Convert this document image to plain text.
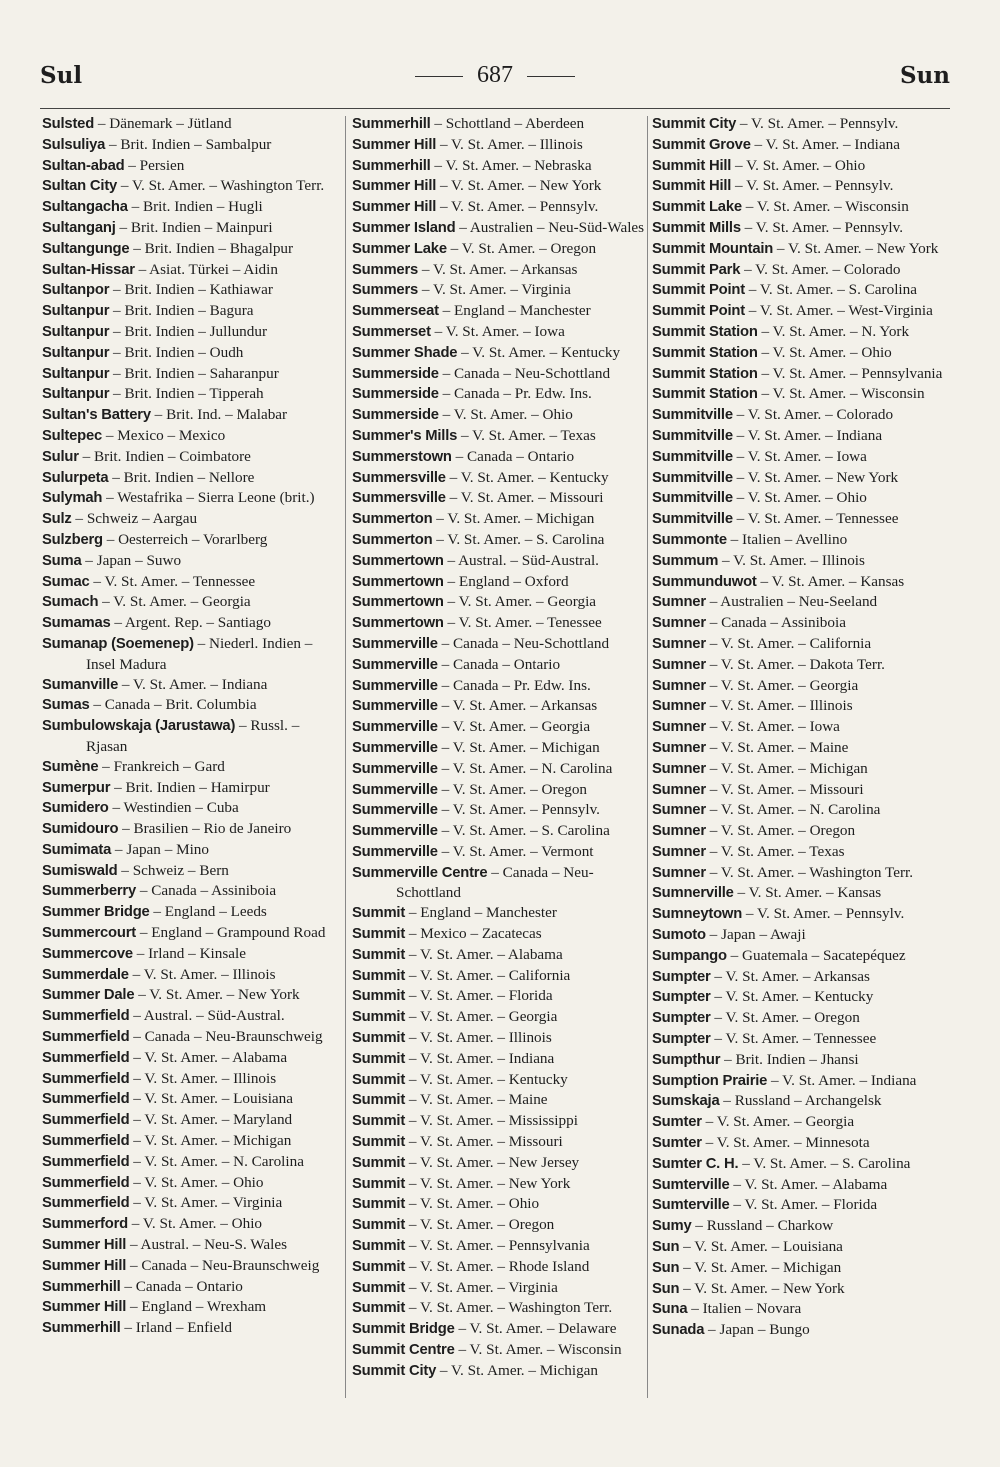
Sul	687	Sun
Sulsted – Dänemark – Jütland
Sulsuliya – Brit. Indien – Sambalpur
Sultan-abad – Persien
Sultan City – V. St. Amer. – Washington Terr.
Sultangacha – Brit. Indien – Hugli
Sultanganj – Brit. Indien – Mainpuri
Sultangunge – Brit. Indien – Bhagalpur
Sultan-Hissar – Asiat. Türkei – Aidin
Sultanpor – Brit. Indien – Kathiawar
Sultanpur – Brit. Indien – Bagura
Sultanpur – Brit. Indien – Jullundur
Sultanpur – Brit. Indien – Oudh
Sultanpur – Brit. Indien – Saharanpur
Sultanpur – Brit. Indien – Tipperah
Sultan's Battery – Brit. Ind. – Malabar
Sultepec – Mexico – Mexico
Sulur – Brit. Indien – Coimbatore
Sulurpeta – Brit. Indien – Nellore
Sulymah – Westafrika – Sierra Leone (brit.)
Sulz – Schweiz – Aargau
Sulzberg – Oesterreich – Vorarlberg
Suma – Japan – Suwo
Sumac – V. St. Amer. – Tennessee
Sumach – V. St. Amer. – Georgia
Sumamas – Argent. Rep. – Santiago
Sumanap (Soemenep) – Niederl. Indien – Insel Madura
Sumanville – V. St. Amer. – Indiana
Sumas – Canada – Brit. Columbia
Sumbulowskaja (Jarustawa) – Russl. – Rjasan
Sumène – Frankreich – Gard
Sumerpur – Brit. Indien – Hamirpur
Sumidero – Westindien – Cuba
Sumidouro – Brasilien – Rio de Janeiro
Sumimata – Japan – Mino
Sumiswald – Schweiz – Bern
Summerberry – Canada – Assiniboia
Summer Bridge – England – Leeds
Summercourt – England – Grampound Road
Summercove – Irland – Kinsale
Summerdale – V. St. Amer. – Illinois
Summer Dale – V. St. Amer. – New York
Summerfield – Austral. – Süd-Austral.
Summerfield – Canada – Neu-Braunschweig
Summerfield – V. St. Amer. – Alabama
Summerfield – V. St. Amer. – Illinois
Summerfield – V. St. Amer. – Louisiana
Summerfield – V. St. Amer. – Maryland
Summerfield – V. St. Amer. – Michigan
Summerfield – V. St. Amer. – N. Carolina
Summerfield – V. St. Amer. – Ohio
Summerfield – V. St. Amer. – Virginia
Summerford – V. St. Amer. – Ohio
Summer Hill – Austral. – Neu-S. Wales
Summer Hill – Canada – Neu-Braunschweig
Summerhill – Canada – Ontario
Summer Hill – England – Wrexham
Summerhill – Irland – Enfield
Summerhill – Schottland – Aberdeen
Summer Hill – V. St. Amer. – Illinois
Summerhill – V. St. Amer. – Nebraska
Summer Hill – V. St. Amer. – New York
Summer Hill – V. St. Amer. – Pennsylv.
Summer Island – Australien – Neu-Süd-Wales
Summer Lake – V. St. Amer. – Oregon
Summers – V. St. Amer. – Arkansas
Summers – V. St. Amer. – Virginia
Summerseat – England – Manchester
Summerset – V. St. Amer. – Iowa
Summer Shade – V. St. Amer. – Kentucky
Summerside – Canada – Neu-Schottland
Summerside – Canada – Pr. Edw. Ins.
Summerside – V. St. Amer. – Ohio
Summer's Mills – V. St. Amer. – Texas
Summerstown – Canada – Ontario
Summersville – V. St. Amer. – Kentucky
Summersville – V. St. Amer. – Missouri
Summerton – V. St. Amer. – Michigan
Summerton – V. St. Amer. – S. Carolina
Summertown – Austral. – Süd-Austral.
Summertown – England – Oxford
Summertown – V. St. Amer. – Georgia
Summertown – V. St. Amer. – Tenessee
Summerville – Canada – Neu-Schottland
Summerville – Canada – Ontario
Summerville – Canada – Pr. Edw. Ins.
Summerville – V. St. Amer. – Arkansas
Summerville – V. St. Amer. – Georgia
Summerville – V. St. Amer. – Michigan
Summerville – V. St. Amer. – N. Carolina
Summerville – V. St. Amer. – Oregon
Summerville – V. St. Amer. – Pennsylv.
Summerville – V. St. Amer. – S. Carolina
Summerville – V. St. Amer. – Vermont
Summerville Centre – Canada – Neu-Schottland
Summit – England – Manchester
Summit – Mexico – Zacatecas
Summit – V. St. Amer. – Alabama
Summit – V. St. Amer. – California
Summit – V. St. Amer. – Florida
Summit – V. St. Amer. – Georgia
Summit – V. St. Amer. – Illinois
Summit – V. St. Amer. – Indiana
Summit – V. St. Amer. – Kentucky
Summit – V. St. Amer. – Maine
Summit – V. St. Amer. – Mississippi
Summit – V. St. Amer. – Missouri
Summit – V. St. Amer. – New Jersey
Summit – V. St. Amer. – New York
Summit – V. St. Amer. – Ohio
Summit – V. St. Amer. – Oregon
Summit – V. St. Amer. – Pennsylvania
Summit – V. St. Amer. – Rhode Island
Summit – V. St. Amer. – Virginia
Summit – V. St. Amer. – Washington Terr.
Summit Bridge – V. St. Amer. – Delaware
Summit Centre – V. St. Amer. – Wisconsin
Summit City – V. St. Amer. – Michigan
Summit City – V. St. Amer. – Pennsylv.
Summit Grove – V. St. Amer. – Indiana
Summit Hill – V. St. Amer. – Ohio
Summit Hill – V. St. Amer. – Pennsylv.
Summit Lake – V. St. Amer. – Wisconsin
Summit Mills – V. St. Amer. – Pennsylv.
Summit Mountain – V. St. Amer. – New York
Summit Park – V. St. Amer. – Colorado
Summit Point – V. St. Amer. – S. Carolina
Summit Point – V. St. Amer. – West-Virginia
Summit Station – V. St. Amer. – N. York
Summit Station – V. St. Amer. – Ohio
Summit Station – V. St. Amer. – Pennsylvania
Summit Station – V. St. Amer. – Wisconsin
Summitville – V. St. Amer. – Colorado
Summitville – V. St. Amer. – Indiana
Summitville – V. St. Amer. – Iowa
Summitville – V. St. Amer. – New York
Summitville – V. St. Amer. – Ohio
Summitville – V. St. Amer. – Tennessee
Summonte – Italien – Avellino
Summum – V. St. Amer. – Illinois
Summunduwot – V. St. Amer. – Kansas
Sumner – Australien – Neu-Seeland
Sumner – Canada – Assiniboia
Sumner – V. St. Amer. – California
Sumner – V. St. Amer. – Dakota Terr.
Sumner – V. St. Amer. – Georgia
Sumner – V. St. Amer. – Illinois
Sumner – V. St. Amer. – Iowa
Sumner – V. St. Amer. – Maine
Sumner – V. St. Amer. – Michigan
Sumner – V. St. Amer. – Missouri
Sumner – V. St. Amer. – N. Carolina
Sumner – V. St. Amer. – Oregon
Sumner – V. St. Amer. – Texas
Sumner – V. St. Amer. – Washington Terr.
Sumnerville – V. St. Amer. – Kansas
Sumneytown – V. St. Amer. – Pennsylv.
Sumoto – Japan – Awaji
Sumpango – Guatemala – Sacatepéquez
Sumpter – V. St. Amer. – Arkansas
Sumpter – V. St. Amer. – Kentucky
Sumpter – V. St. Amer. – Oregon
Sumpter – V. St. Amer. – Tennessee
Sumpthur – Brit. Indien – Jhansi
Sumption Prairie – V. St. Amer. – Indiana
Sumskaja – Russland – Archangelsk
Sumter – V. St. Amer. – Georgia
Sumter – V. St. Amer. – Minnesota
Sumter C. H. – V. St. Amer. – S. Carolina
Sumterville – V. St. Amer. – Alabama
Sumterville – V. St. Amer. – Florida
Sumy – Russland – Charkow
Sun – V. St. Amer. – Louisiana
Sun – V. St. Amer. – Michigan
Sun – V. St. Amer. – New York
Suna – Italien – Novara
Sunada – Japan – Bungo
